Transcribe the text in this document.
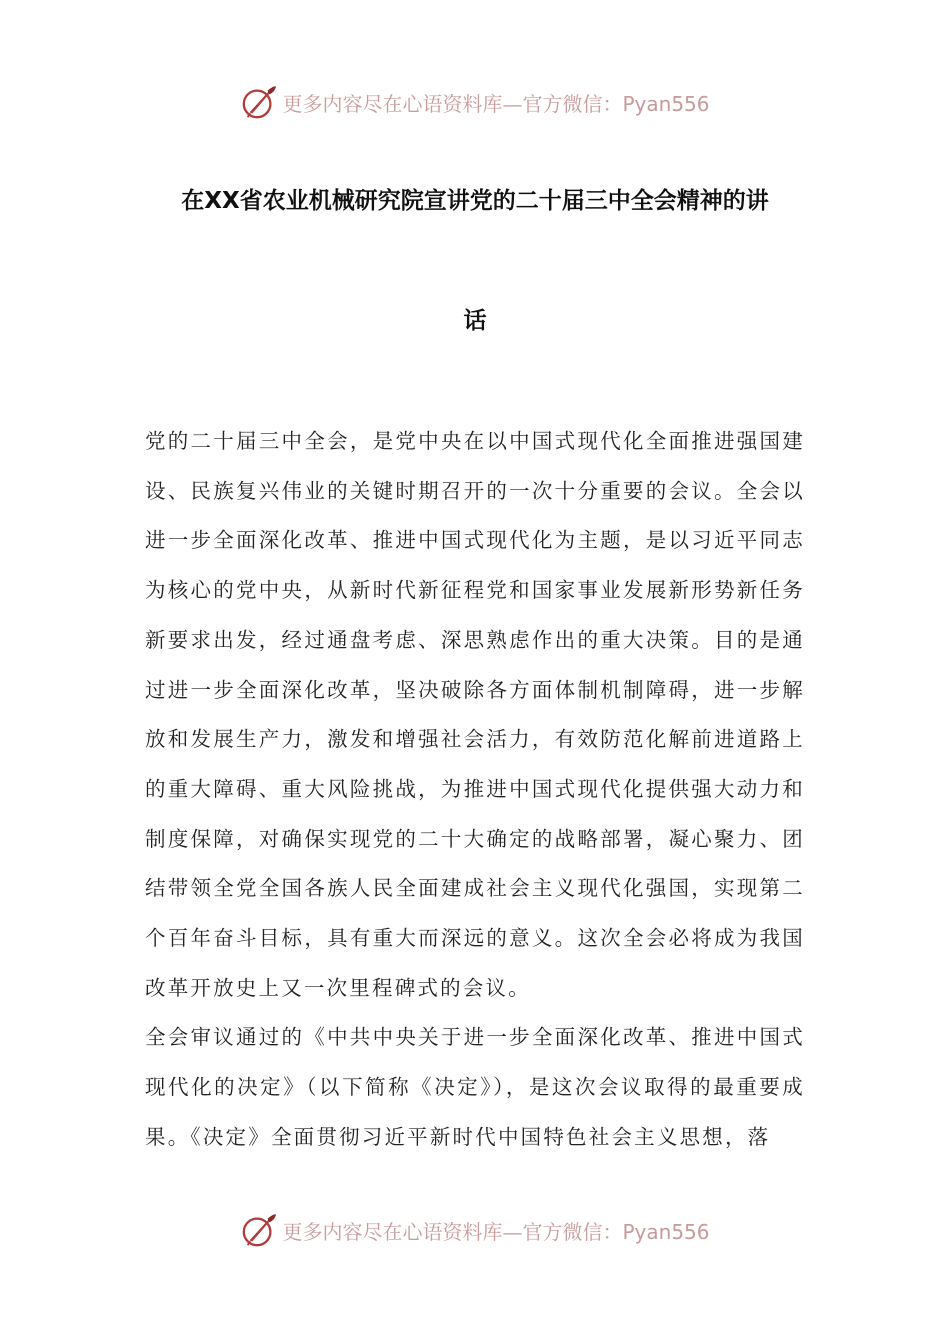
更多内容尽在心语资料库—官方微信：Pyan556
在XX省农业机械研究院宣讲党的二十届三中全会精神的讲
话

党的二十届三中全会，是党中央在以中国式现代化全面推进强国建设、民族复兴伟业的关键时期召开的一次十分重要的会议。全会以进一步全面深化改革、推进中国式现代化为主题，是以习近平同志为核心的党中央，从新时代新征程党和国家事业发展新形势新任务新要求出发，经过通盘考虑、深思熟虑作出的重大决策。目的是通过进一步全面深化改革，坚决破除各方面体制机制障碍，进一步解放和发展生产力，激发和增强社会活力，有效防范化解前进道路上的重大障碍、重大风险挑战，为推进中国式现代化提供强大动力和制度保障，对确保实现党的二十大确定的战略部署，凝心聚力、团结带领全党全国各族人民全面建成社会主义现代化强国，实现第二个百年奋斗目标，具有重大而深远的意义。这次全会必将成为我国改革开放史上又一次里程碑式的会议。

全会审议通过的《中共中央关于进一步全面深化改革、推进中国式现代化的决定》（以下简称《决定》），是这次会议取得的最重要成果。《决定》全面贯彻习近平新时代中国特色社会主义思想，落

更多内容尽在心语资料库—官方微信：Pyan556
